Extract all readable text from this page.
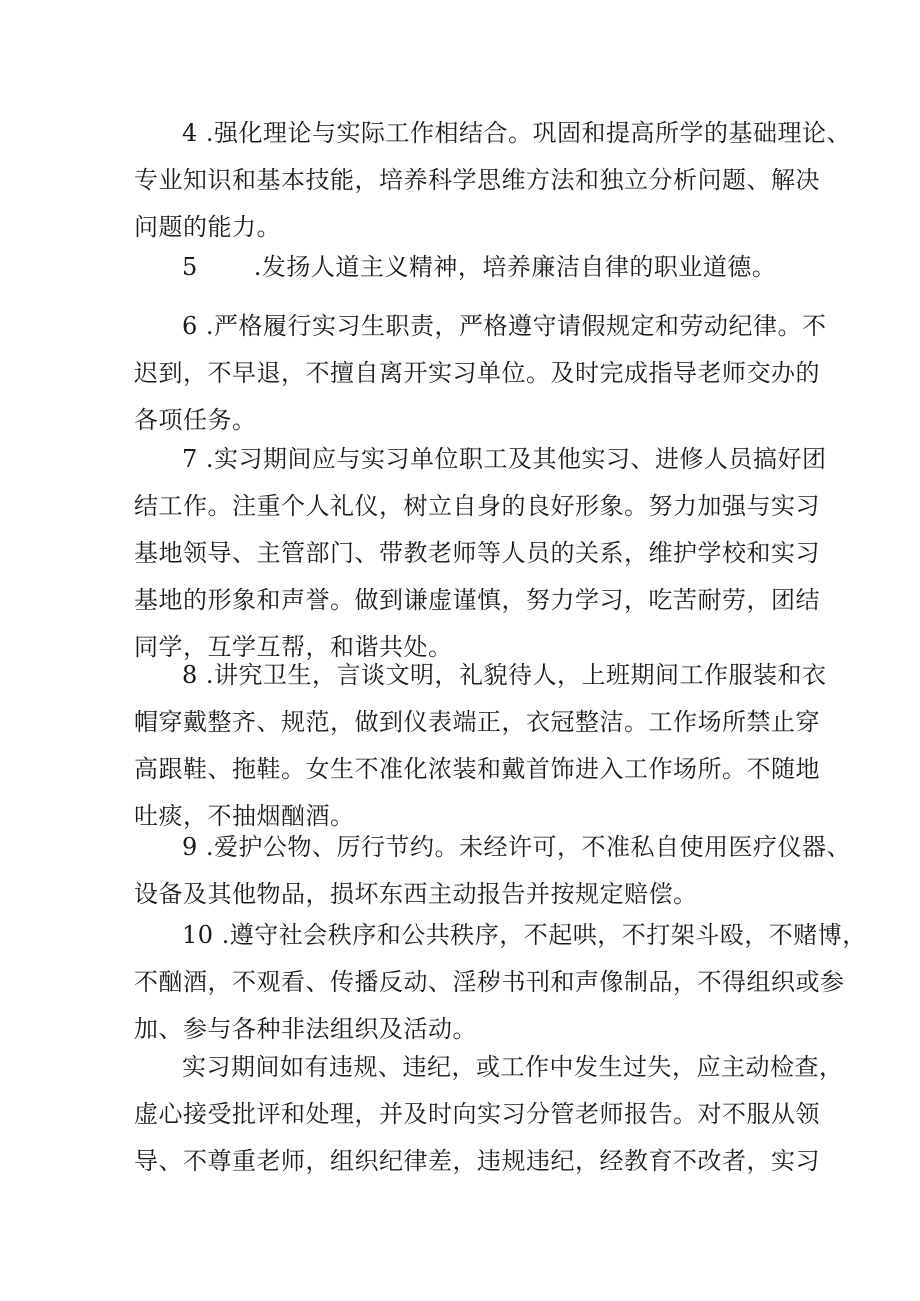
4 .强化理论与实际工作相结合。巩固和提高所学的基础理论、
专业知识和基本技能，培养科学思维方法和独立分析问题、解决
问题的能力。

5 .发扬人道主义精神，培养廉洁自律的职业道德。

6 .严格履行实习生职责，严格遵守请假规定和劳动纪律。不
迟到，不早退，不擅自离开实习单位。及时完成指导老师交办的
各项任务。

7 .实习期间应与实习单位职工及其他实习、进修人员搞好团
结工作。注重个人礼仪，树立自身的良好形象。努力加强与实习
基地领导、主管部门、带教老师等人员的关系，维护学校和实习
基地的形象和声誉。做到谦虚谨慎，努力学习，吃苦耐劳，团结
同学，互学互帮，和谐共处。

8 .讲究卫生，言谈文明，礼貌待人，上班期间工作服装和衣
帽穿戴整齐、规范，做到仪表端正，衣冠整洁。工作场所禁止穿
高跟鞋、拖鞋。女生不准化浓装和戴首饰进入工作场所。不随地
吐痰，不抽烟酗酒。

9 .爱护公物、厉行节约。未经许可，不准私自使用医疗仪器、
设备及其他物品，损坏东西主动报告并按规定赔偿。

10 .遵守社会秩序和公共秩序，不起哄，不打架斗殴，不赌博，
不酗酒，不观看、传播反动、淫秽书刊和声像制品，不得组织或参
加、参与各种非法组织及活动。

实习期间如有违规、违纪，或工作中发生过失，应主动检查，
虚心接受批评和处理，并及时向实习分管老师报告。对不服从领
导、不尊重老师，组织纪律差，违规违纪，经教育不改者，实习
